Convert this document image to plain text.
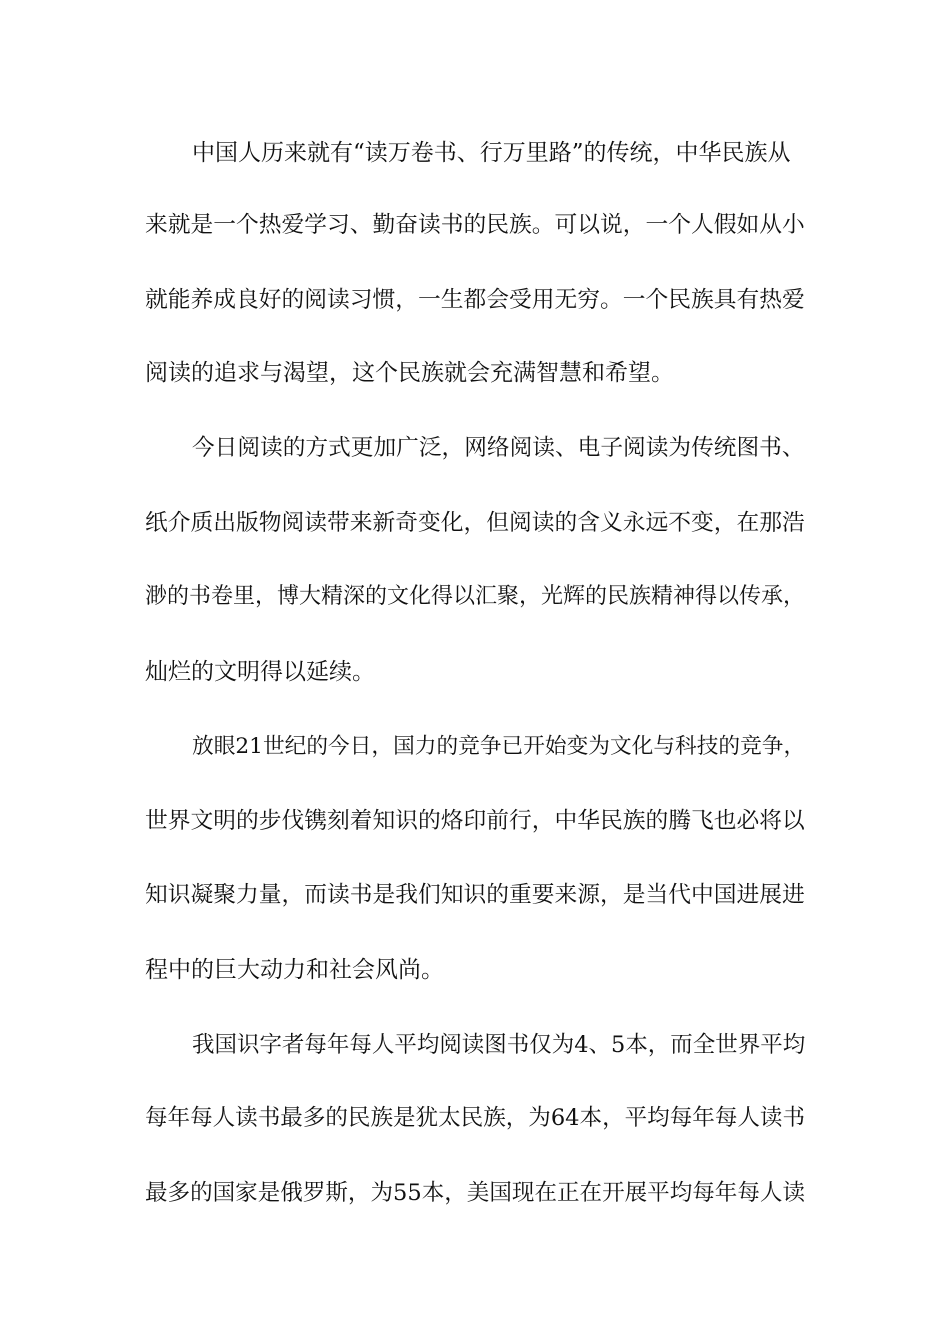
中国人历来就有“读万卷书、行万里路”的传统，中华民族从
来就是一个热爱学习、勤奋读书的民族。可以说，一个人假如从小
就能养成良好的阅读习惯，一生都会受用无穷。一个民族具有热爱
阅读的追求与渴望，这个民族就会充满智慧和希望。
今日阅读的方式更加广泛，网络阅读、电子阅读为传统图书、
纸介质出版物阅读带来新奇变化，但阅读的含义永远不变，在那浩
渺的书卷里，博大精深的文化得以汇聚，光辉的民族精神得以传承，
灿烂的文明得以延续。
放眼21世纪的今日，国力的竞争已开始变为文化与科技的竞争，
世界文明的步伐镌刻着知识的烙印前行，中华民族的腾飞也必将以
知识凝聚力量，而读书是我们知识的重要来源，是当代中国进展进
程中的巨大动力和社会风尚。
我国识字者每年每人平均阅读图书仅为4、5本，而全世界平均
每年每人读书最多的民族是犹太民族，为64本，平均每年每人读书
最多的国家是俄罗斯，为55本，美国现在正在开展平均每年每人读
